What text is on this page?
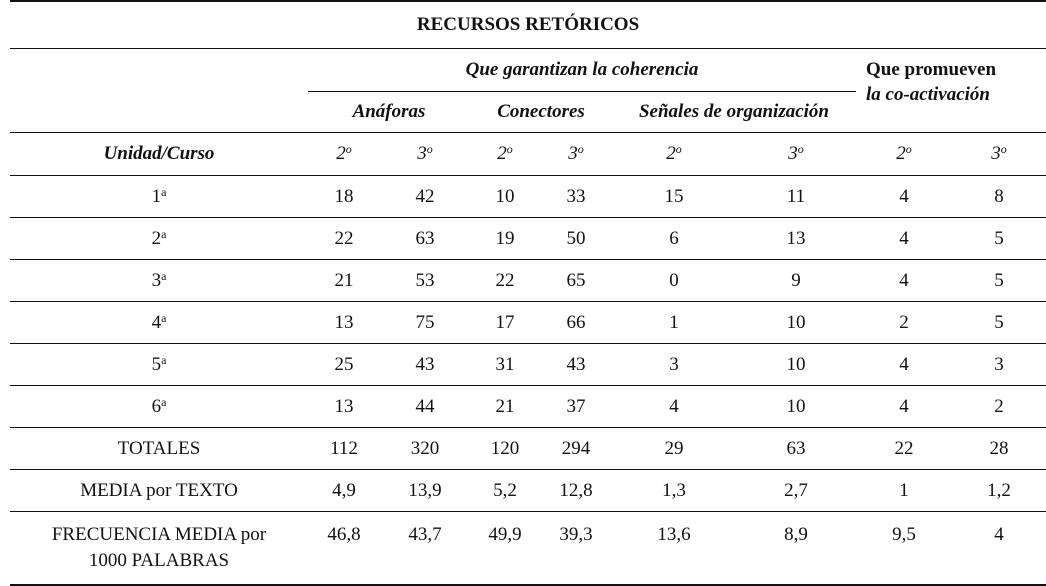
RECURSOS RETÓRICOS								
	Que garantizan la coherencia						Que promueven
la co-activación	
	Anáforas		Conectores		Señales de organización			
Unidad/Curso	2$^o$	3$^o$	2$^o$	3$^o$	2$^o$	3$^o$	2$^o$	3$^o$
1$^a$	18	42	10	33	15	11	4	8
2$^a$	22	63	19	50	6	13	4	5
3$^a$	21	53	22	65	0	9	4	5
4$^a$	13	75	17	66	1	10	2	5
5$^a$	25	43	31	43	3	10	4	3
6$^a$	13	44	21	37	4	10	4	2
TOTALES	112	320	120	294	29	63	22	28
MEDIA por TEXTO	4,9	13,9	5,2	12,8	1,3	2,7	1	1,2
FRECUENCIA MEDIA por
1000 PALABRAS	46,8	43,7	49,9	39,3	13,6	8,9	9,5	4
